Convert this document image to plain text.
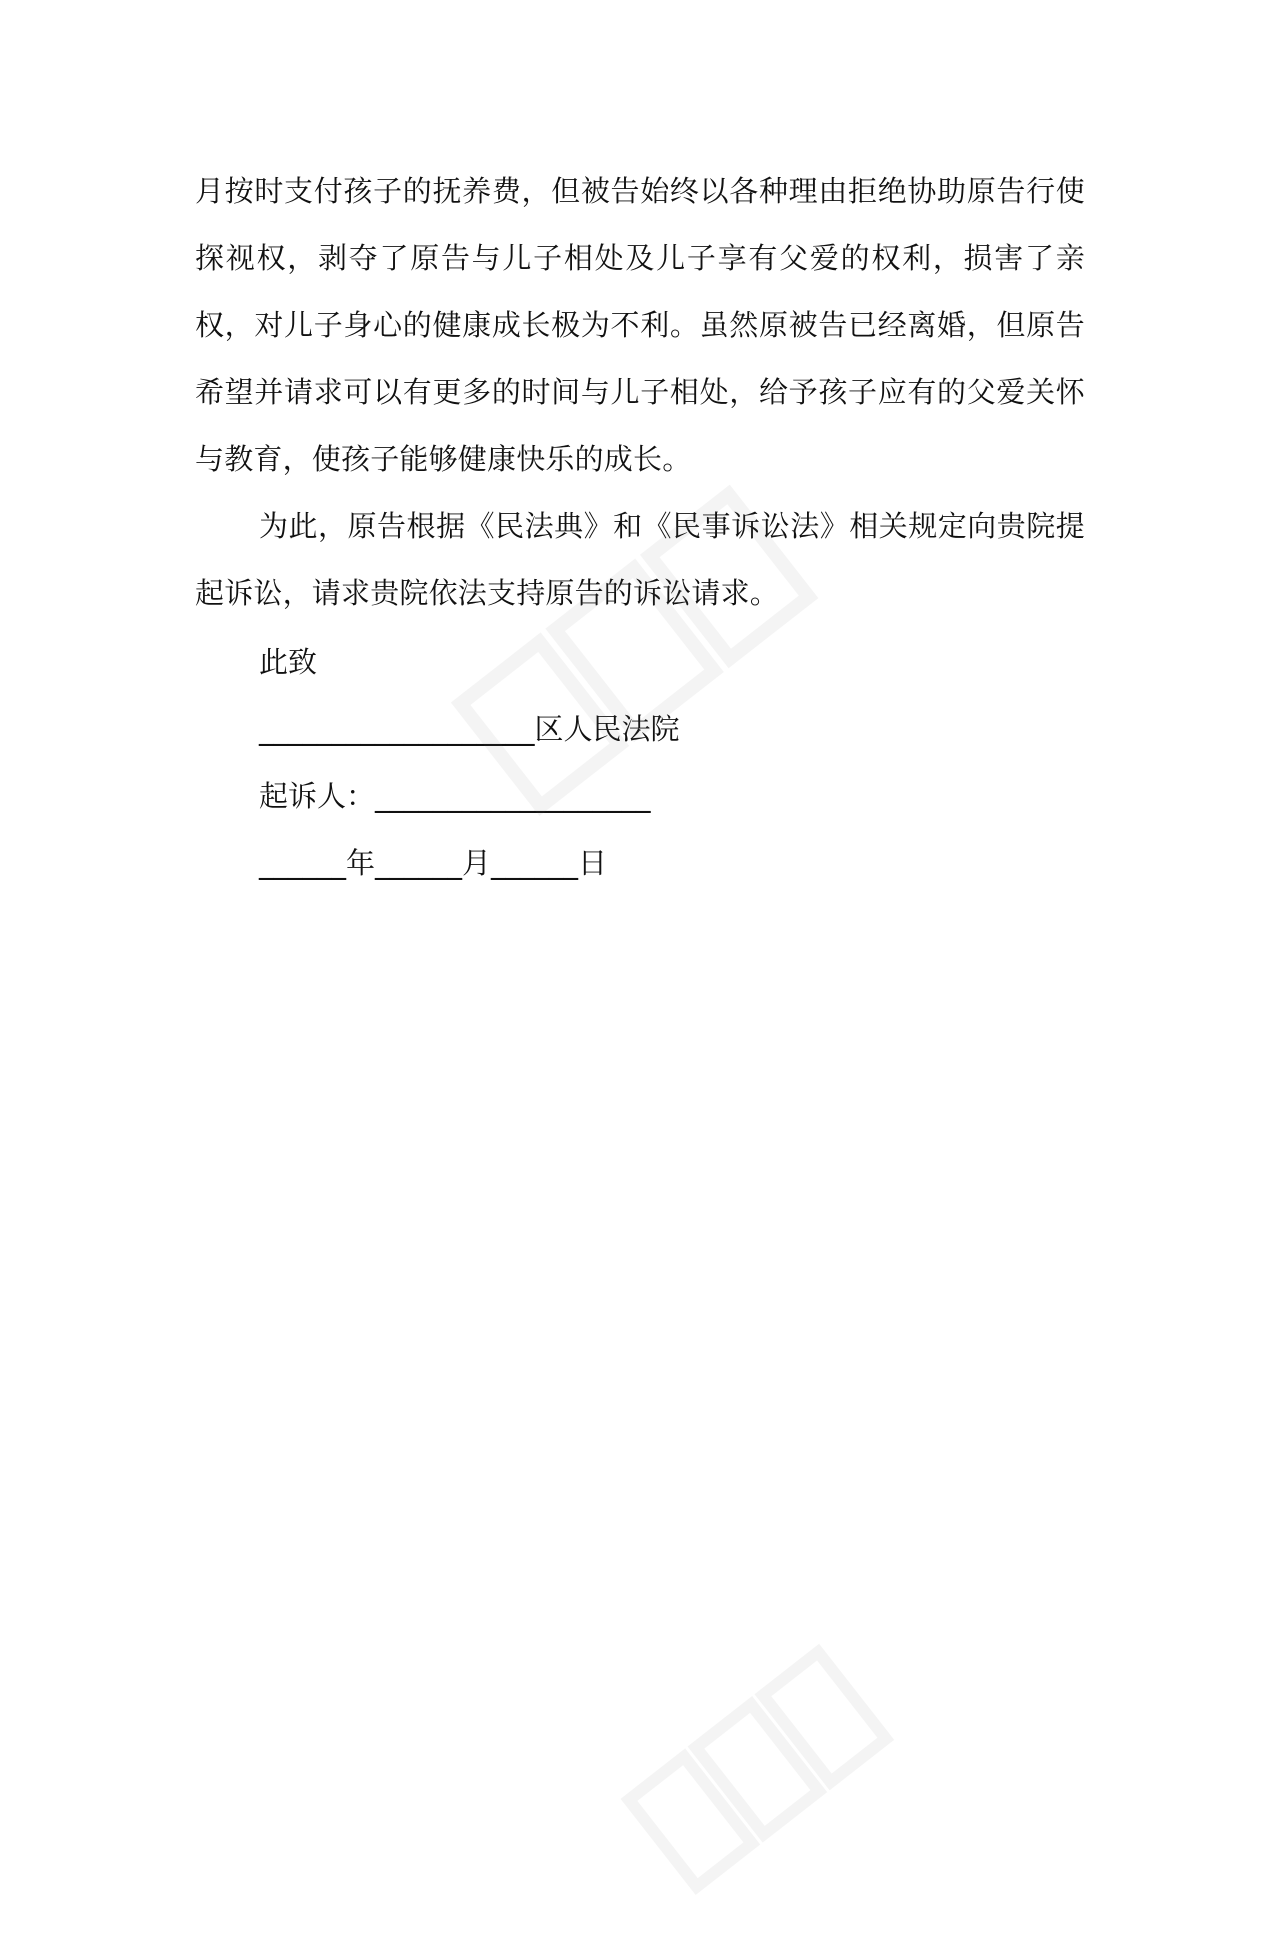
月按时支付孩子的抚养费，但被告始终以各种理由拒绝协助原告行使探视权，剥夺了原告与儿子相处及儿子享有父爱的权利，损害了亲权，对儿子身心的健康成长极为不利。虽然原被告已经离婚，但原告希望并请求可以有更多的时间与儿子相处，给予孩子应有的父爱关怀与教育，使孩子能够健康快乐的成长。

为此，原告根据《民法典》和《民事诉讼法》相关规定向贵院提起诉讼，请求贵院依法支持原告的诉讼请求。

此致
___________________区人民法院
起诉人：___________________
______年______月______日
